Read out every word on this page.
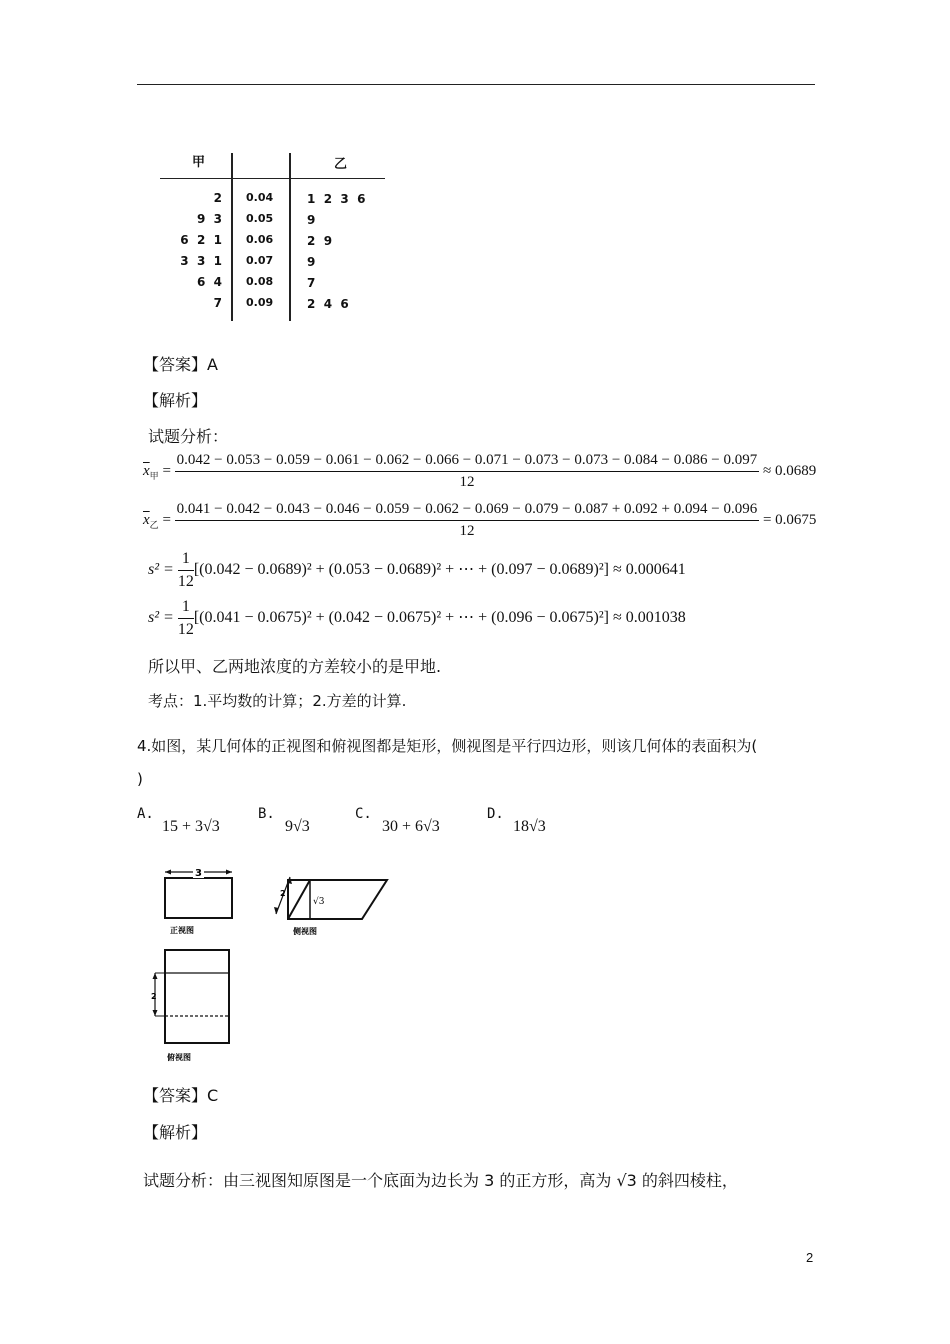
甲	乙
2 0.04	1  2  3  6
9  3 0.05	9
6  2  1 0.06	2  9
3  3  1 0.07	9
6  4 0.08	7
7 0.09	2  4  6
【答案】A
【解析】
试题分析：
$\overline{x}_甲$ =
0.042 − 0.053 − 0.059 − 0.061 − 0.062 − 0.066 − 0.071 − 0.073 − 0.073 − 0.084 − 0.086 − 0.097
12
≈ 0.0689
$\overline{x}_乙$ =
0.041 − 0.042 − 0.043 − 0.046 − 0.059 − 0.062 − 0.069 − 0.079 − 0.087 + 0.092 + 0.094 − 0.096
12
= 0.0675
$s^2 = \frac{1}{12} [(0.042 - 0.0689)^2 + (0.053 - 0.0689)^2$ + ⋯ + (0.097 − 0.0689)²] ≈ 0.000641
$s^2 = \frac{1}{12} [(0.041 - 0.0675)^2 + (0.042 - 0.0675)^2$ + ⋯ + (0.096 − 0.0675)²] ≈ 0.001038
所以甲、乙两地浓度的方差较小的是甲地.
考点：1.平均数的计算；2.方差的计算.
4.如图，某几何体的正视图和俯视图都是矩形，侧视图是平行四边形，则该几何体的表面积为(
)
A.
15 + 3√3
B.
9√3
C.
30 + 6√3
D.
18√3
3
正视图
2
√3
侧视图
2
俯视图
【答案】C
【解析】
试题分析：由三视图知原图是一个底面为边长为 3 的正方形，高为 √3 的斜四棱柱，
2
